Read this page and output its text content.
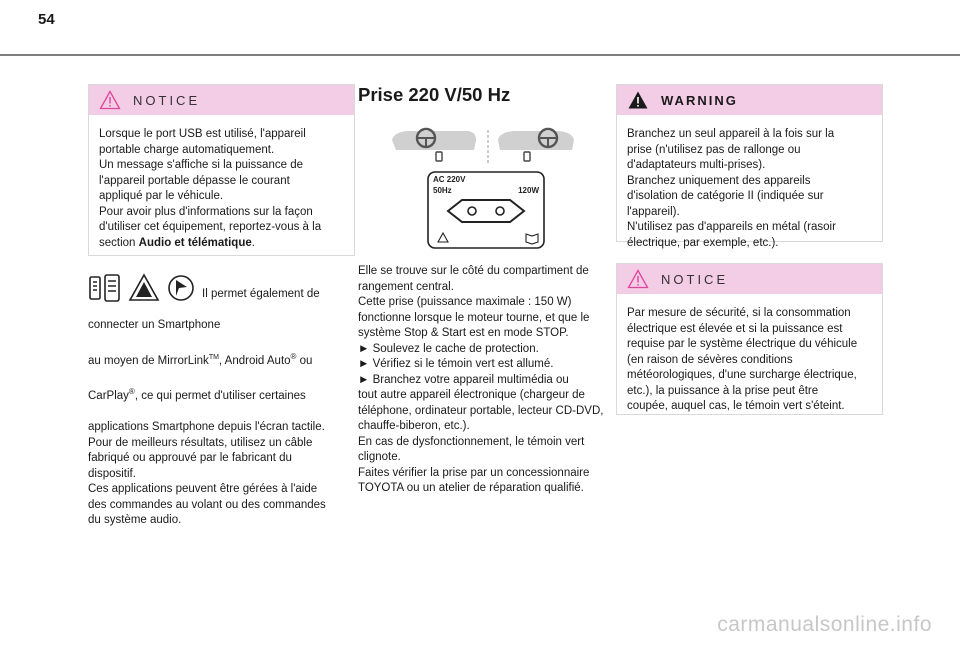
54
NOTICE

Lorsque le port USB est utilisé, l'appareil
portable charge automatiquement.
Un message s'affiche si la puissance de
l'appareil portable dépasse le courant
appliqué par le véhicule.
Pour avoir plus d'informations sur la façon
d'utiliser cet équipement, reportez-vous à la
section Audio et télématique.

Il permet également de

connecter un Smartphone

au moyen de MirrorLink™, Android Auto® ou

CarPlay®, ce qui permet d'utiliser certaines

applications Smartphone depuis l'écran tactile.
Pour de meilleurs résultats, utilisez un câble
fabriqué ou approuvé par le fabricant du
dispositif.
Ces applications peuvent être gérées à l'aide
des commandes au volant ou des commandes
du système audio.

Prise 220 V/50 Hz
AC 220V
50Hz	120W

Elle se trouve sur le côté du compartiment de
rangement central.
Cette prise (puissance maximale : 150 W)
fonctionne lorsque le moteur tourne, et que le
système Stop & Start est en mode STOP.
► Soulevez le cache de protection.
► Vérifiez si le témoin vert est allumé.
► Branchez votre appareil multimédia ou
tout autre appareil électronique (chargeur de
téléphone, ordinateur portable, lecteur CD-DVD,
chauffe-biberon, etc.).
En cas de dysfonctionnement, le témoin vert
clignote.
Faites vérifier la prise par un concessionnaire
TOYOTA ou un atelier de réparation qualifié.

WARNING

Branchez un seul appareil à la fois sur la
prise (n'utilisez pas de rallonge ou
d'adaptateurs multi-prises).
Branchez uniquement des appareils
d'isolation de catégorie II (indiquée sur
l'appareil).
N'utilisez pas d'appareils en métal (rasoir
électrique, par exemple, etc.).

NOTICE

Par mesure de sécurité, si la consommation
électrique est élevée et si la puissance est
requise par le système électrique du véhicule
(en raison de sévères conditions
météorologiques, d'une surcharge électrique,
etc.), la puissance à la prise peut être
coupée, auquel cas, le témoin vert s'éteint.

carmanualsonline.info
